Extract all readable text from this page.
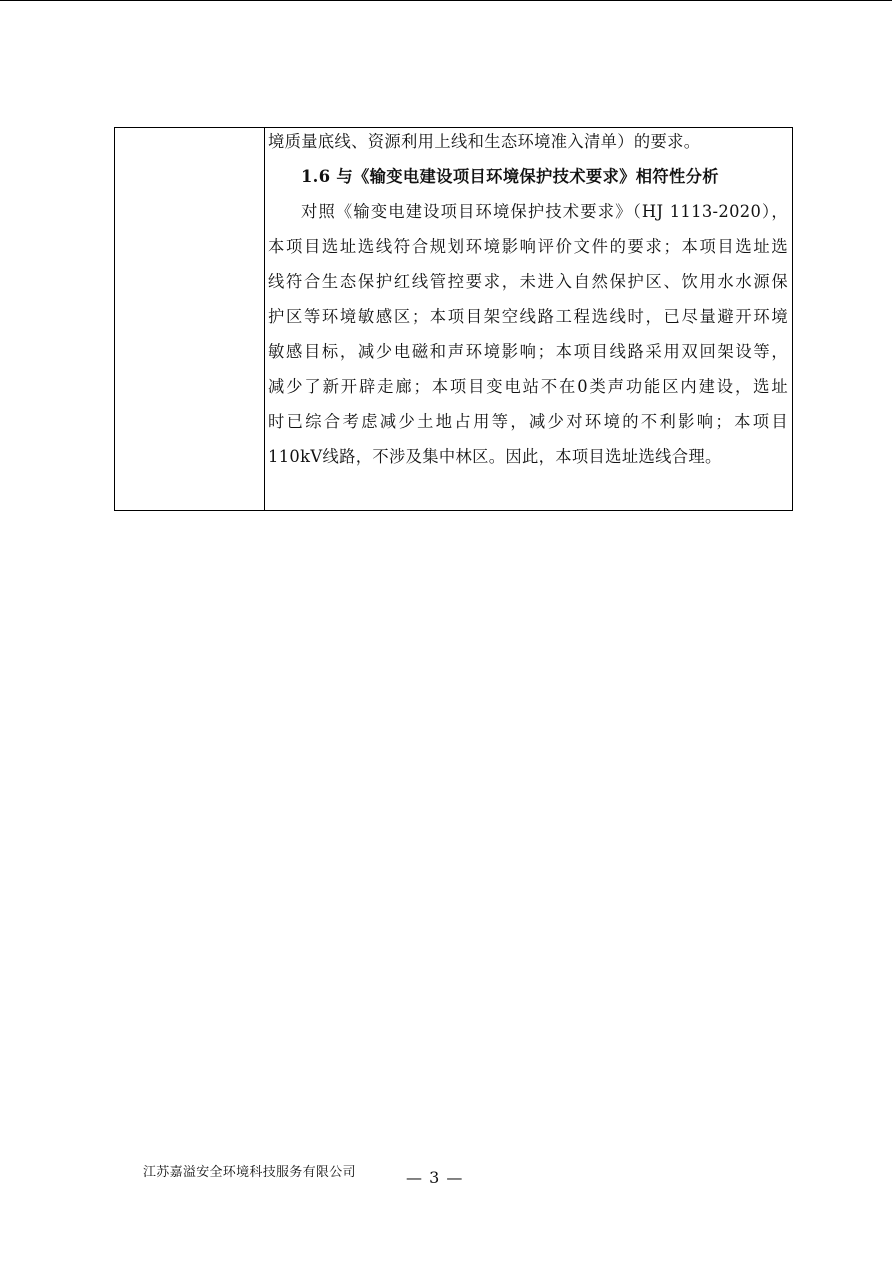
境质量底线、资源利用上线和生态环境准入清单）的要求。
1.6 与《输变电建设项目环境保护技术要求》相符性分析
对照《输变电建设项目环境保护技术要求》（HJ 1113-2020），
本项目选址选线符合规划环境影响评价文件的要求；本项目选址选
线符合生态保护红线管控要求，未进入自然保护区、饮用水水源保
护区等环境敏感区；本项目架空线路工程选线时，已尽量避开环境
敏感目标，减少电磁和声环境影响；本项目线路采用双回架设等，
减少了新开辟走廊；本项目变电站不在0类声功能区内建设，选址
时已综合考虑减少土地占用等，减少对环境的不利影响；本项目
110kV线路，不涉及集中林区。因此，本项目选址选线合理。
江苏嘉溢安全环境科技服务有限公司	— 3 —
